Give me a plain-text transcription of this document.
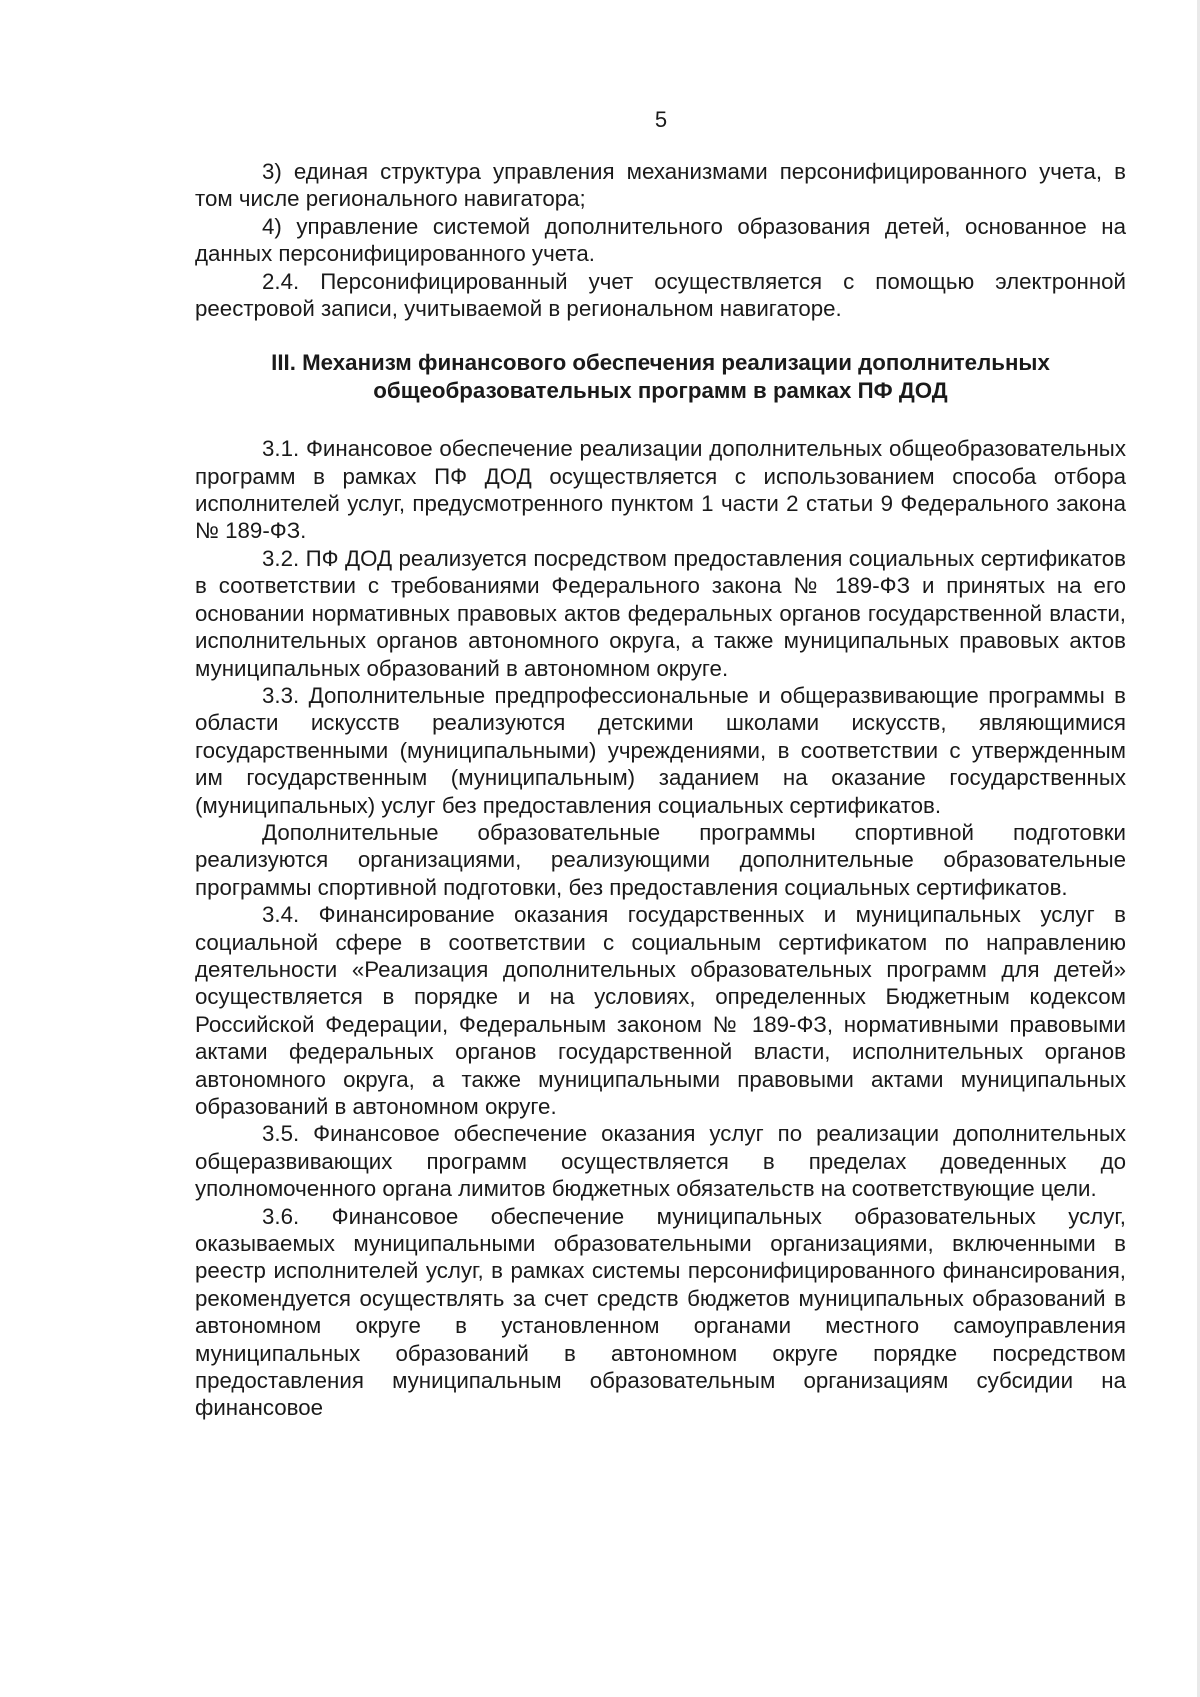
5

3) единая структура управления механизмами персонифицированного учета, в том числе регионального навигатора;

4) управление системой дополнительного образования детей, основанное на данных персонифицированного учета.

2.4. Персонифицированный учет осуществляется с помощью электронной реестровой записи, учитываемой в региональном навигаторе.

III. Механизм финансового обеспечения реализации дополнительных
общеобразовательных программ в рамках ПФ ДОД

3.1. Финансовое обеспечение реализации дополнительных общеобразовательных программ в рамках ПФ ДОД осуществляется с использованием способа отбора исполнителей услуг, предусмотренного пунктом 1 части 2 статьи 9 Федерального закона № 189-ФЗ.

3.2. ПФ ДОД реализуется посредством предоставления социальных сертификатов в соответствии с требованиями Федерального закона № 189-ФЗ и принятых на его основании нормативных правовых актов федеральных органов государственной власти, исполнительных органов автономного округа, а также муниципальных правовых актов муниципальных образований в автономном округе.

3.3. Дополнительные предпрофессиональные и общеразвивающие программы в области искусств реализуются детскими школами искусств, являющимися государственными (муниципальными) учреждениями, в соответствии с утвержденным им государственным (муниципальным) заданием на оказание государственных (муниципальных) услуг без предоставления социальных сертификатов.

Дополнительные образовательные программы спортивной подготовки реализуются организациями, реализующими дополнительные образовательные программы спортивной подготовки, без предоставления социальных сертификатов.

3.4. Финансирование оказания государственных и муниципальных услуг в социальной сфере в соответствии с социальным сертификатом по направлению деятельности «Реализация дополнительных образовательных программ для детей» осуществляется в порядке и на условиях, определенных Бюджетным кодексом Российской Федерации, Федеральным законом № 189-ФЗ, нормативными правовыми актами федеральных органов государственной власти, исполнительных органов автономного округа, а также муниципальными правовыми актами муниципальных образований в автономном округе.

3.5. Финансовое обеспечение оказания услуг по реализации дополнительных общеразвивающих программ осуществляется в пределах доведенных до уполномоченного органа лимитов бюджетных обязательств на соответствующие цели.

3.6. Финансовое обеспечение муниципальных образовательных услуг, оказываемых муниципальными образовательными организациями, включенными в реестр исполнителей услуг, в рамках системы персонифицированного финансирования, рекомендуется осуществлять за счет средств бюджетов муниципальных образований в автономном округе в установленном органами местного самоуправления муниципальных образований в автономном округе порядке посредством предоставления муниципальным образовательным организациям субсидии на финансовое
